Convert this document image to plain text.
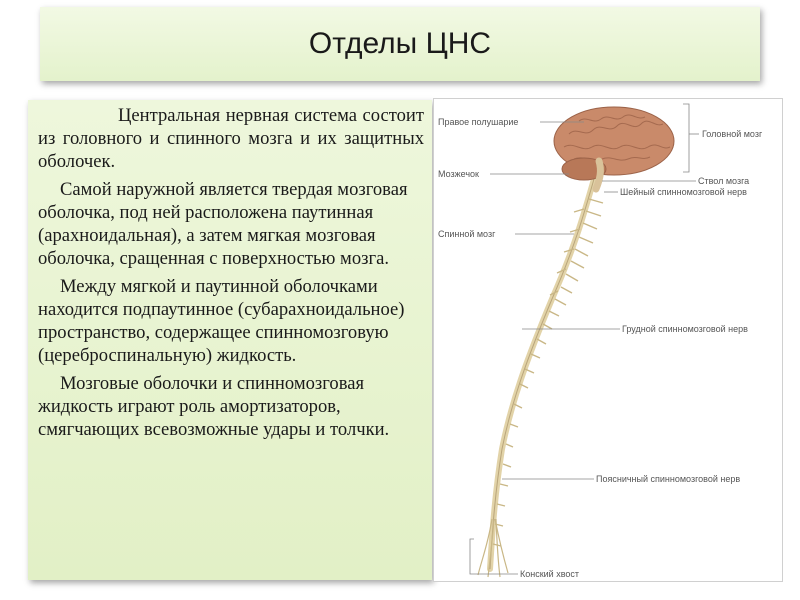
Отделы ЦНС

Центральная нервная система состоит из головного и спинного мозга и их защитных оболочек.

Самой наружной является твердая мозговая оболочка, под ней расположена паутинная (арахноидальная), а затем мягкая мозговая оболочка, сращенная с поверхностью мозга.

Между мягкой и паутинной оболочками находится подпаутинное (субарахноидальное) пространство, содержащее спинномозговую (цереброспинальную) жидкость.

Мозговые оболочки и спинномозговая жидкость играют роль амортизаторов, смягчающих всевозможные удары и толчки.

Правое полушарие
Мозжечок
Спинной мозг
Головной мозг
Ствол мозга
Шейный спинномозговой нерв
Грудной спинномозговой нерв
Поясничный спинномозговой нерв
Конский хвост
